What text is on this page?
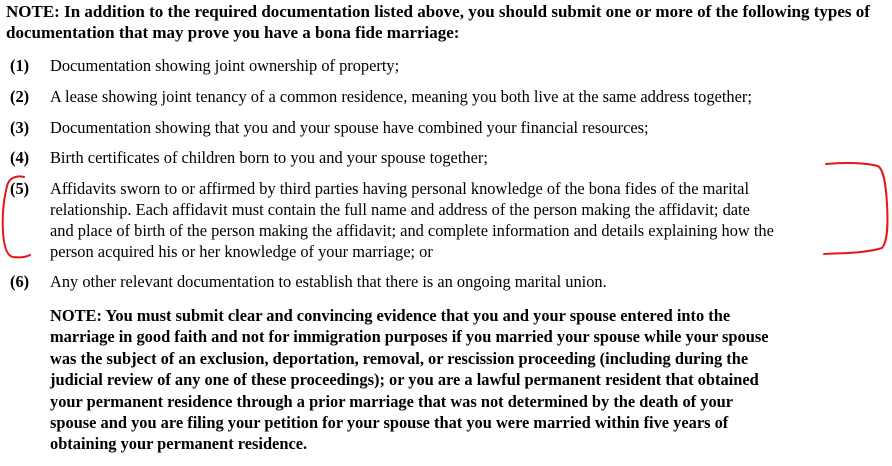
NOTE: In addition to the required documentation listed above, you should submit one or more of the following types of documentation that may prove you have a bona fide marriage:
(1) Documentation showing joint ownership of property;
(2) A lease showing joint tenancy of a common residence, meaning you both live at the same address together;
(3) Documentation showing that you and your spouse have combined your financial resources;
(4) Birth certificates of children born to you and your spouse together;
(5) Affidavits sworn to or affirmed by third parties having personal knowledge of the bona fides of the marital
relationship. Each affidavit must contain the full name and address of the person making the affidavit; date
and place of birth of the person making the affidavit; and complete information and details explaining how the
person acquired his or her knowledge of your marriage; or
(6) Any other relevant documentation to establish that there is an ongoing marital union.
NOTE: You must submit clear and convincing evidence that you and your spouse entered into the
marriage in good faith and not for immigration purposes if you married your spouse while your spouse
was the subject of an exclusion, deportation, removal, or rescission proceeding (including during the
judicial review of any one of these proceedings); or you are a lawful permanent resident that obtained
your permanent residence through a prior marriage that was not determined by the death of your
spouse and you are filing your petition for your spouse that you were married within five years of
obtaining your permanent residence.
